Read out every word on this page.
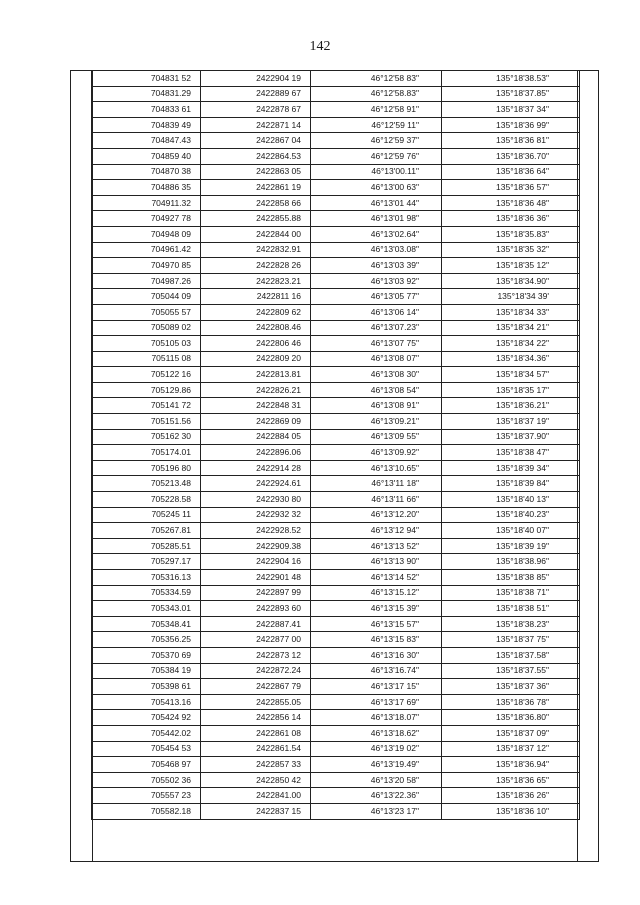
142
704831 52	2422904 19	46°12'58 83"	135°18'38.53"
704831.29	2422889 67	46°12'58.83"	135°18'37.85"
704833 61	2422878 67	46°12'58 91"	135°18'37 34"
704839 49	2422871 14	46°12'59 11"	135°18'36 99"
704847.43	2422867 04	46°12'59 37"	135°18'36 81"
704859 40	2422864.53	46°12'59 76"	135°18'36.70"
704870 38	2422863 05	46°13'00.11"	135°18'36 64"
704886 35	2422861 19	46°13'00 63"	135°18'36 57"
704911.32	2422858 66	46°13'01 44"	135°18'36 48"
704927 78	2422855.88	46°13'01 98"	135°18'36 36"
704948 09	2422844 00	46°13'02.64"	135°18'35.83"
704961.42	2422832.91	46°13'03.08"	135°18'35 32"
704970 85	2422828 26	46°13'03 39"	135°18'35 12"
704987.26	2422823.21	46°13'03 92"	135°18'34.90"
705044 09	2422811 16	46°13'05 77"	135°18'34 39'
705055 57	2422809 62	46°13'06 14"	135°18'34 33"
705089 02	2422808.46	46°13'07.23"	135°18'34 21"
705105 03	2422806 46	46°13'07 75"	135°18'34 22"
705115 08	2422809 20	46°13'08 07"	135°18'34.36"
705122 16	2422813.81	46°13'08 30"	135°18'34 57"
705129.86	2422826.21	46°13'08 54"	135°18'35 17"
705141 72	2422848 31	46°13'08 91"	135°18'36.21"
705151.56	2422869 09	46°13'09.21"	135°18'37 19"
705162 30	2422884 05	46°13'09 55"	135°18'37.90"
705174.01	2422896.06	46°13'09.92"	135°18'38 47"
705196 80	2422914 28	46°13'10.65"	135°18'39 34"
705213.48	2422924.61	46°13'11 18"	135°18'39 84"
705228.58	2422930 80	46°13'11 66"	135°18'40 13"
705245 11	2422932 32	46°13'12.20"	135°18'40.23"
705267.81	2422928.52	46°13'12 94"	135°18'40 07"
705285.51	2422909.38	46°13'13 52"	135°18'39 19"
705297.17	2422904 16	46°13'13 90"	135°18'38.96"
705316.13	2422901 48	46°13'14 52"	135°18'38 85"
705334.59	2422897 99	46°13'15.12"	135°18'38 71"
705343.01	2422893 60	46°13'15 39"	135°18'38 51"
705348.41	2422887.41	46°13'15 57"	135°18'38.23"
705356.25	2422877 00	46°13'15 83"	135°18'37 75"
705370 69	2422873 12	46°13'16 30"	135°18'37.58"
705384 19	2422872.24	46°13'16.74"	135°18'37.55"
705398 61	2422867 79	46°13'17 15"	135°18'37 36"
705413.16	2422855.05	46°13'17 69"	135°18'36 78"
705424 92	2422856 14	46°13'18.07"	135°18'36.80"
705442.02	2422861 08	46°13'18.62"	135°18'37 09"
705454 53	2422861.54	46°13'19 02"	135°18'37 12"
705468 97	2422857 33	46°13'19.49"	135°18'36.94"
705502 36	2422850 42	46°13'20 58"	135°18'36 65"
705557 23	2422841.00	46°13'22.36"	135°18'36 26"
705582.18	2422837 15	46°13'23 17"	135°18'36 10"
